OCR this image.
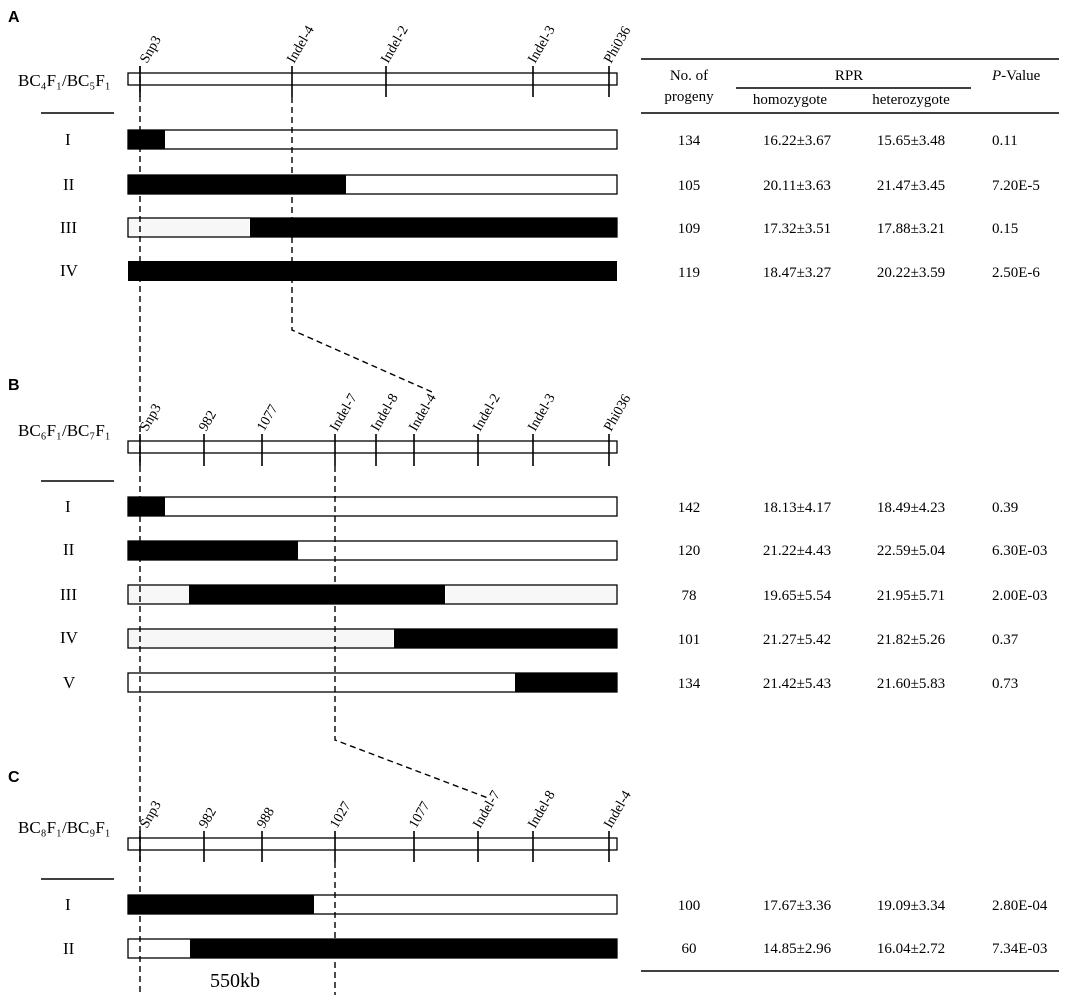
A
BC₄F₁/BC₅F₁
Snp3	Indel-4	Indel-2	Indel-3	Phi036
I
II
III
IV
No. of
progeny
RPR
homozygote	heterozygote
P-Value
134	16.22±3.67	15.65±3.48	0.11
105	20.11±3.63	21.47±3.45	7.20E-5
109	17.32±3.51	17.88±3.21	0.15
119	18.47±3.27	20.22±3.59	2.50E-6
B
BC₆F₁/BC₇F₁ Snp3 982 1077	Indel-7 Indel-8 Indel-4 Indel-2 Indel-3	Phi036
I
II
III
IV
V
142	18.13±4.17	18.49±4.23	0.39
120	21.22±4.43	22.59±5.04	6.30E-03
78	19.65±5.54	21.95±5.71	2.00E-03
101	21.27±5.42	21.82±5.26	0.37
134	21.42±5.43	21.60±5.83	0.73
C
BC₈F₁/BC₉F₁ Snp3 982 988	1027	1077	Indel-7 Indel-8	Indel-4
I
II
100	17.67±3.36	19.09±3.34	2.80E-04
60	14.85±2.96	16.04±2.72	7.34E-03
550kb
